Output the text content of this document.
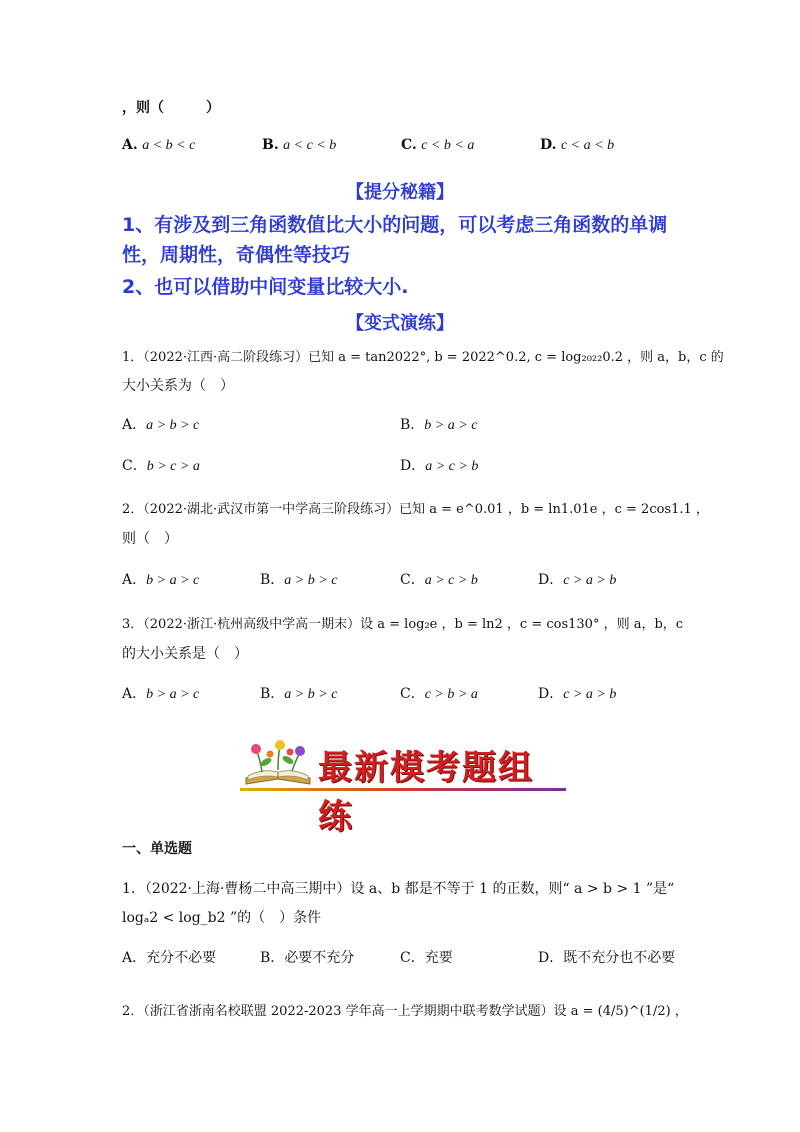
，则（　　　）
A. a < b < c	B. a < c < b	C. c < b < a	D. c < a < b
【提分秘籍】
1、有涉及到三角函数值比大小的问题，可以考虑三角函数的单调
性，周期性，奇偶性等技巧
2、也可以借助中间变量比较大小.
【变式演练】
1．（2022·江西·高二阶段练习）已知 a = tan2022°, b = 2022^0.2, c = log₂₀₂₂0.2 ，则 a，b，c 的
大小关系为（　）
A．a > b > c	B．b > a > c
C．b > c > a	D．a > c > b
2．（2022·湖北·武汉市第一中学高三阶段练习）已知 a = e^0.01 ，b = ln1.01e ，c = 2cos1.1 ，
则（　）
A．b > a > c	B．a > b > c	C．a > c > b	D．c > a > b
3．（2022·浙江·杭州高级中学高一期末）设 a = log₂e ，b = ln2 ，c = cos130° ，则 a，b，c
的大小关系是（　）
A．b > a > c	B．a > b > c	C．c > b > a	D．c > a > b
最新模考题组练
一、单选题
1．（2022·上海·曹杨二中高三期中）设 a、b 都是不等于 1 的正数，则“ a > b > 1 ”是“
logₐ2 < log_b2 ”的（　）条件
A．充分不必要	B．必要不充分	C．充要	D．既不充分也不必要
2．（浙江省浙南名校联盟 2022-2023 学年高一上学期期中联考数学试题）设 a = (4/5)^(1/2) ，
